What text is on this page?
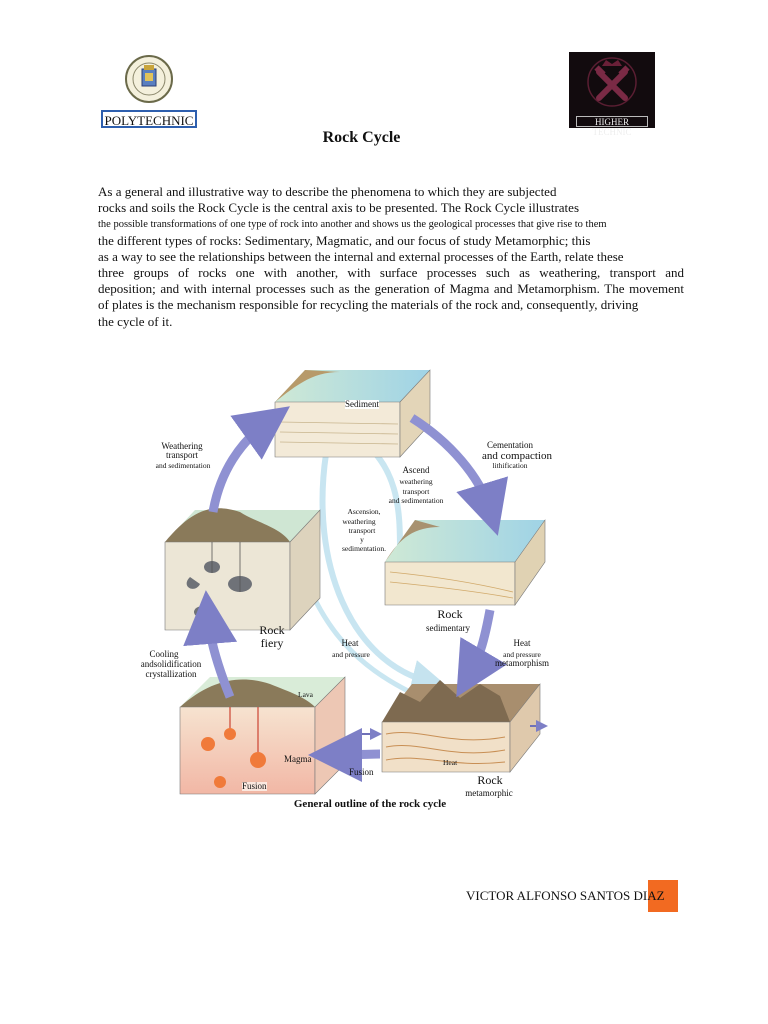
POLYTECHNIC	HIGHER TECHNIC
Rock Cycle
As a general and illustrative way to describe the phenomena to which they are subjected
rocks and soils the Rock Cycle is the central axis to be presented. The Rock Cycle illustrates
the possible transformations of one type of rock into another and shows us the geological processes that give rise to them
the different types of rocks: Sedimentary, Magmatic, and our focus of study Metamorphic; this
as a way to see the relationships between the internal and external processes of the Earth, relate these
three groups of rocks one with another, with surface processes such as weathering, transport and
deposition; and with internal processes such as the generation of Magma and Metamorphism. The movement
of plates is the mechanism responsible for recycling the materials of the rock and, consequently, driving
the cycle of it.
Sediment
Weathering
transport
and sedimentation
Cementation
and compaction
lithification
Ascend
weathering
transport
and sedimentation
Ascension,
weathering
transport
y
sedimentation.
Rock
fiery	Heat
and pressure
Rock
sedimentary
Heat
and pressure
metamorphism
Cooling
andsolidification
crystallization
Lava
Magma
Fusion
Fusion
Heat
Rock
metamorphic
General outline of the rock cycle
VICTOR ALFONSO SANTOS DIAZ
